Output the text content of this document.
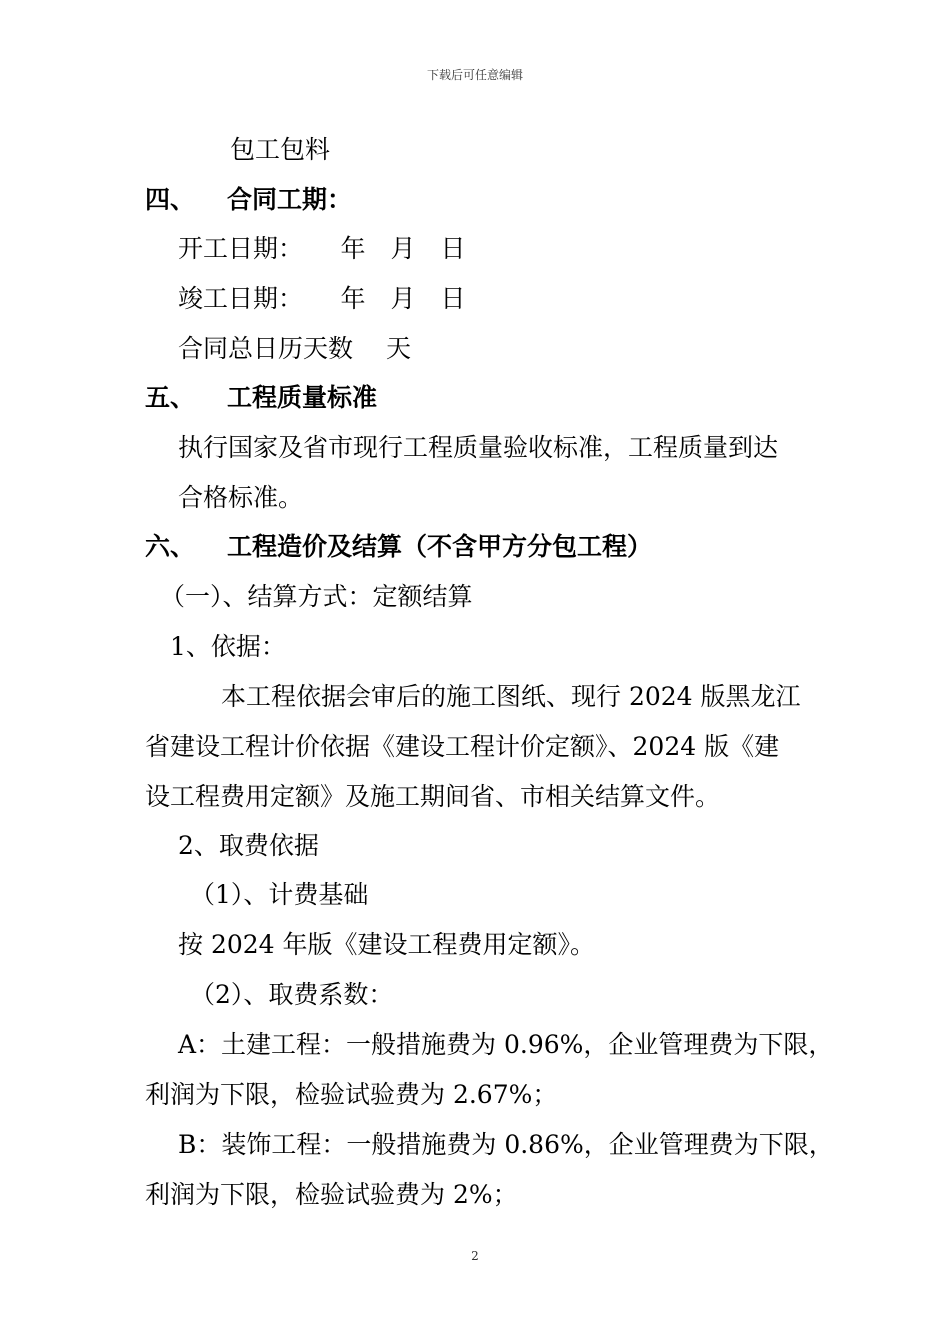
下载后可任意编辑
包工包料
四、 合同工期：
开工日期：　　年　月　日
竣工日期：　　年　月　日
合同总日历天数　 天
五、 工程质量标准
执行国家及省市现行工程质量验收标准，工程质量到达
合格标准。
六、 工程造价及结算（不含甲方分包工程）
（一）、结算方式：定额结算
1、依据：
本工程依据会审后的施工图纸、现行 2024 版黑龙江
省建设工程计价依据《建设工程计价定额》、2024 版《建
设工程费用定额》及施工期间省、市相关结算文件。
2、取费依据
（1）、计费基础
按 2024 年版《建设工程费用定额》。
（2）、取费系数：
A：土建工程：一般措施费为 0.96%，企业管理费为下限，
利润为下限，检验试验费为 2.67%；
B：装饰工程：一般措施费为 0.86%，企业管理费为下限，
利润为下限，检验试验费为 2%；
2
